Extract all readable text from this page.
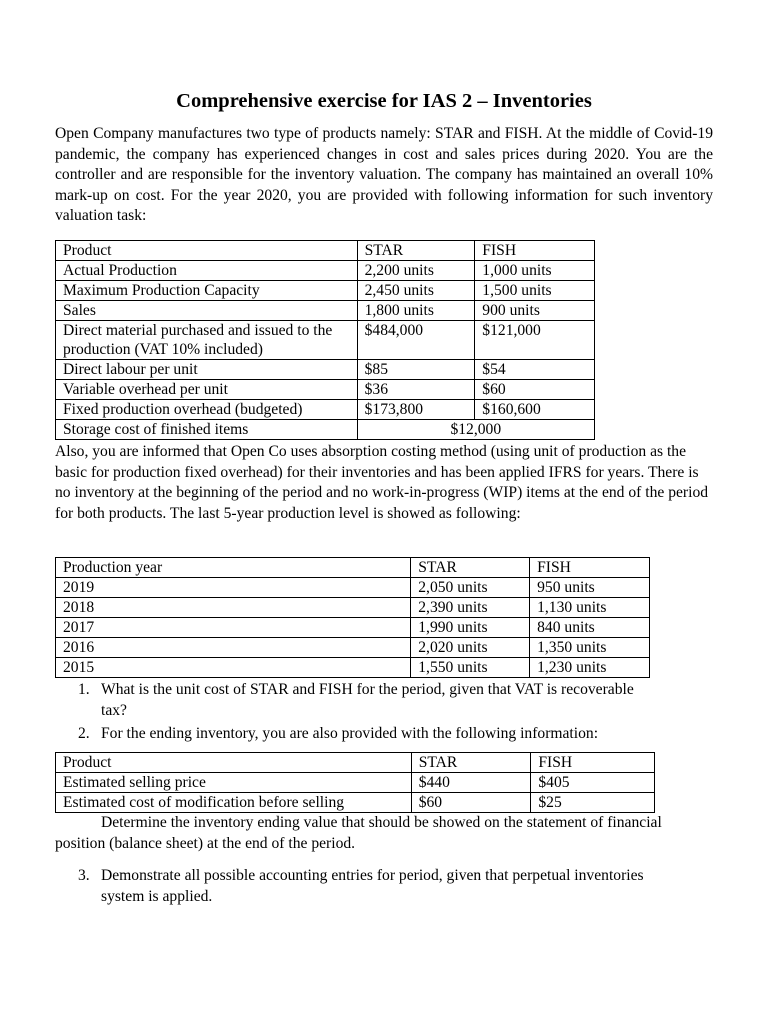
Comprehensive exercise for IAS 2 – Inventories

Open Company manufactures two type of products namely: STAR and FISH. At the middle of Covid-19 pandemic, the company has experienced changes in cost and sales prices during 2020. You are the controller and are responsible for the inventory valuation. The company has maintained an overall 10% mark-up on cost. For the year 2020, you are provided with following information for such inventory valuation task:

Product	STAR	FISH
Actual Production	2,200 units	1,000 units
Maximum Production Capacity	2,450 units	1,500 units
Sales	1,800 units	900 units
Direct material purchased and issued to the production (VAT 10% included)	$484,000	$121,000
Direct labour per unit	$85	$54
Variable overhead per unit	$36	$60
Fixed production overhead (budgeted)	$173,800	$160,600
Storage cost of finished items	$12,000	

Also, you are informed that Open Co uses absorption costing method (using unit of production as the basic for production fixed overhead) for their inventories and has been applied IFRS for years. There is no inventory at the beginning of the period and no work-in-progress (WIP) items at the end of the period for both products. The last 5-year production level is showed as following:

Production year	STAR	FISH
2019	2,050 units	950 units
2018	2,390 units	1,130 units
2017	1,990 units	840 units
2016	2,020 units	1,350 units
2015	1,550 units	1,230 units
1. What is the unit cost of STAR and FISH for the period, given that VAT is recoverable tax?
2. For the ending inventory, you are also provided with the following information:
Product	STAR	FISH
Estimated selling price	$440	$405
Estimated cost of modification before selling	$60	$25

Determine the inventory ending value that should be showed on the statement of financial position (balance sheet) at the end of the period.

3. Demonstrate all possible accounting entries for period, given that perpetual inventories system is applied.
